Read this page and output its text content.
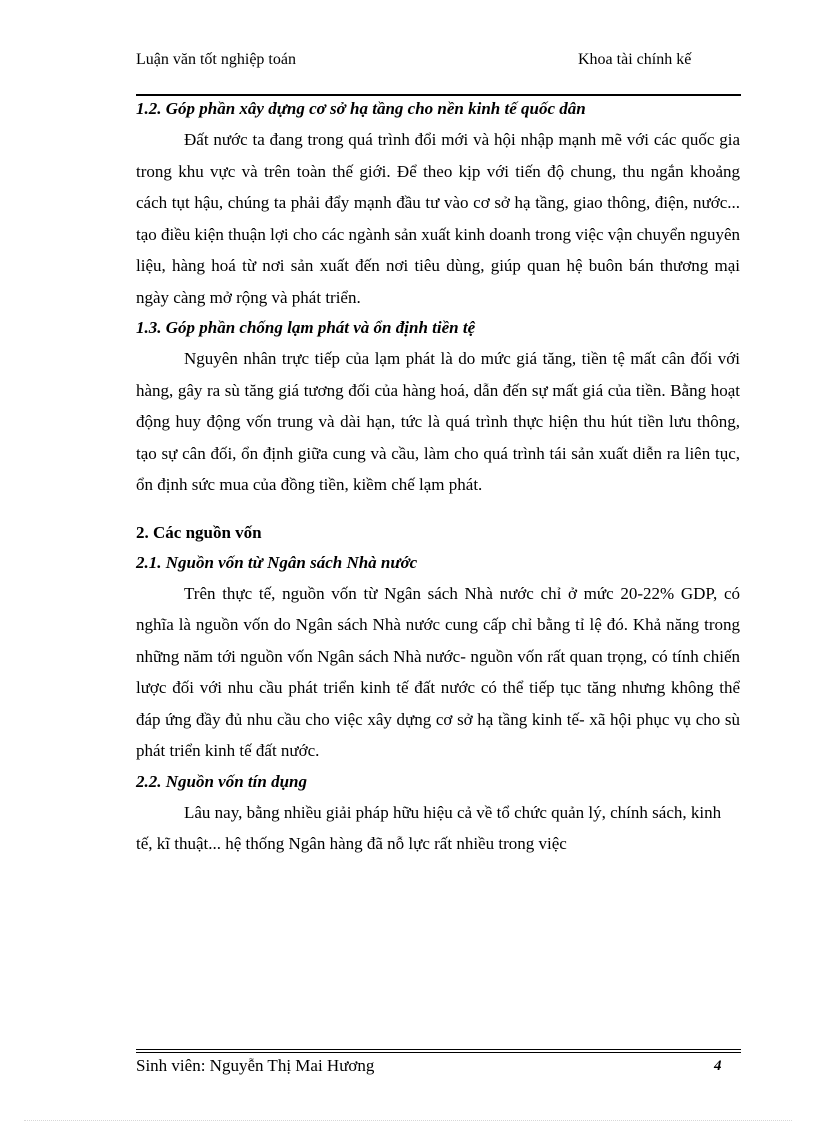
Luận văn tốt nghiệp toán	Khoa tài chính kế

1.2. Góp phần xây dựng cơ sở hạ tầng cho nền kinh tế quốc dân

Đất nước ta đang trong quá trình đổi mới và hội nhập mạnh mẽ với các quốc gia trong khu vực và trên toàn thế giới. Để theo kịp với tiến độ chung, thu ngắn khoảng cách tụt hậu, chúng ta phải đẩy mạnh đầu tư vào cơ sở hạ tầng, giao thông, điện, nước... tạo điều kiện thuận lợi cho các ngành sản xuất kinh doanh trong việc vận chuyển nguyên liệu, hàng hoá từ nơi sản xuất đến nơi tiêu dùng, giúp quan hệ buôn bán thương mại ngày càng mở rộng và phát triển.

1.3. Góp phần chống lạm phát và ổn định tiền tệ

Nguyên nhân trực tiếp của lạm phát là do mức giá tăng, tiền tệ mất cân đối với hàng, gây ra sù tăng giá tương đối của hàng hoá, dẫn đến sự mất giá của tiền. Bằng hoạt động huy động vốn trung và dài hạn, tức là quá trình thực hiện thu hút tiền lưu thông, tạo sự cân đối, ổn định giữa cung và cầu, làm cho quá trình tái sản xuất diễn ra liên tục, ổn định sức mua của đồng tiền, kiềm chế lạm phát.

2. Các nguồn vốn

2.1. Nguồn vốn từ Ngân sách Nhà nước

Trên thực tế, nguồn vốn từ Ngân sách Nhà nước chỉ ở mức 20-22% GDP, có nghĩa là nguồn vốn do Ngân sách Nhà nước cung cấp chỉ bằng tỉ lệ đó. Khả năng trong những năm tới nguồn vốn Ngân sách Nhà nước- nguồn vốn rất quan trọng, có tính chiến lược đối với nhu cầu phát triển kinh tế đất nước có thể tiếp tục tăng nhưng không thể đáp ứng đầy đủ nhu cầu cho việc xây dựng cơ sở hạ tầng kinh tế- xã hội phục vụ cho sù phát triển kinh tế đất nước.

2.2. Nguồn vốn tín dụng

Lâu nay, bằng nhiều giải pháp hữu hiệu cả về tổ chức quản lý, chính sách, kinh tế, kĩ thuật... hệ thống Ngân hàng đã nỗ lực rất nhiều trong việc

Sinh viên: Nguyễn Thị Mai Hương	4
